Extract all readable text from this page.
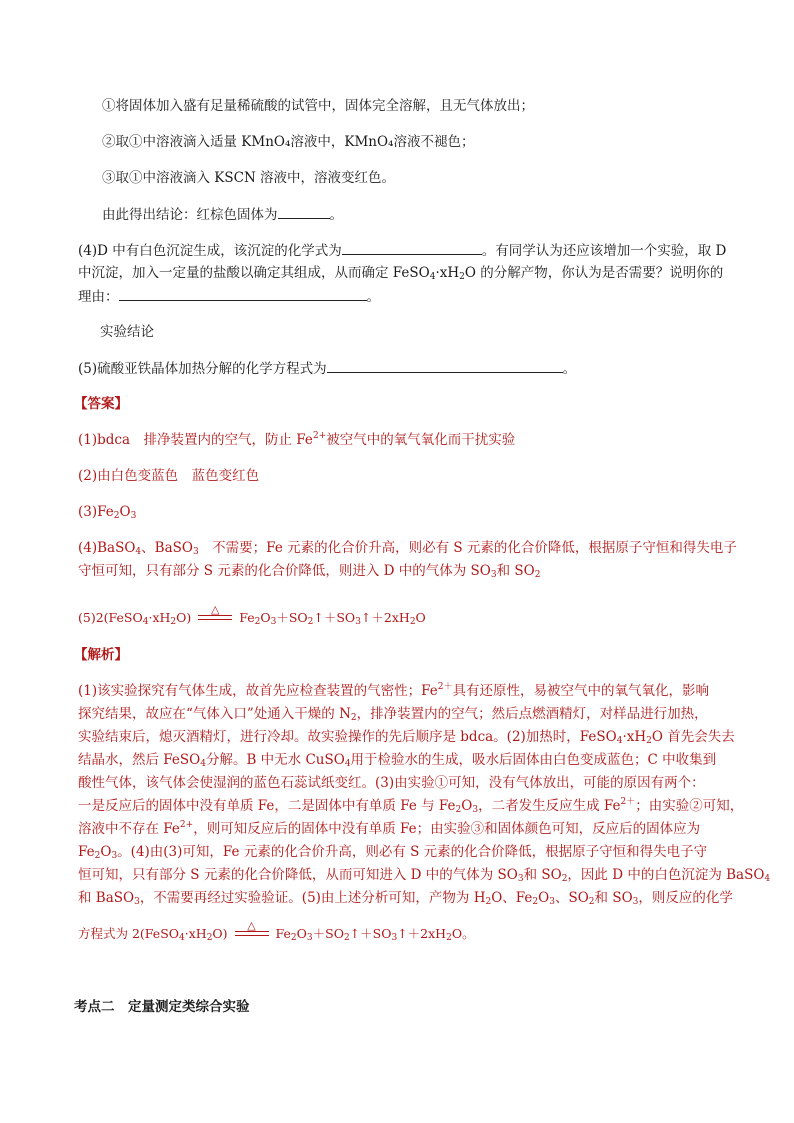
①将固体加入盛有足量稀硫酸的试管中，固体完全溶解，且无气体放出；
②取①中溶液滴入适量 KMnO₄溶液中，KMnO₄溶液不褪色；
③取①中溶液滴入 KSCN 溶液中，溶液变红色。
由此得出结论：红棕色固体为	。
(4)D 中有白色沉淀生成，该沉淀的化学式为	。有同学认为还应该增加一个实验，取 D
中沉淀，加入一定量的盐酸以确定其组成，从而确定 $FeSO_4\cdot xH_2O$ 的分解产物，你认为是否需要？说明你的
理由：	。
实验结论
(5)硫酸亚铁晶体加热分解的化学方程式为	。
【答案】
(1)bdca　排净装置内的空气，防止 $Fe^{2+}$被空气中的氧气氧化而干扰实验
(2)由白色变蓝色　蓝色变红色
$(3)Fe_2O_3$
(4)BaSO$_4$、BaSO$_3$　不需要；Fe 元素的化合价升高，则必有 S 元素的化合价降低，根据原子守恒和得失电子
守恒可知，只有部分 S 元素的化合价降低，则进入 D 中的气体为 $SO_3$和 $SO_2$
$(5)2(FeSO_4\cdot xH_2O)$
△
$Fe_2O_3+SO_2↑+SO_3↑+2xH_2O$
【解析】
(1)该实验探究有气体生成，故首先应检查装置的气密性；$Fe^{2+}$具有还原性，易被空气中的氧气氧化，影响
探究结果，故应在“气体入口”处通入干燥的 $N_2$，排净装置内的空气；然后点燃酒精灯，对样品进行加热，
实验结束后，熄灭酒精灯，进行冷却。故实验操作的先后顺序是 bdca。(2)加热时，$FeSO_4\cdot xH_2O$ 首先会失去
结晶水，然后 FeSO$_4$分解。B 中无水 CuSO$_4$用于检验水的生成，吸水后固体由白色变成蓝色；C 中收集到
酸性气体，该气体会使湿润的蓝色石蕊试纸变红。(3)由实验①可知，没有气体放出，可能的原因有两个：
一是反应后的固体中没有单质 Fe，二是固体中有单质 Fe 与 $Fe_2O_3$，二者发生反应生成 $Fe^{2+}$；由实验②可知，
溶液中不存在 $Fe^{2+}$，则可知反应后的固体中没有单质 Fe；由实验③和固体颜色可知，反应后的固体应为
$Fe_2O_3$。(4)由(3)可知，Fe 元素的化合价升高，则必有 S 元素的化合价降低，根据原子守恒和得失电子守
恒可知，只有部分 S 元素的化合价降低，从而可知进入 D 中的气体为 $SO_3$和 $SO_2$，因此 D 中的白色沉淀为 BaSO$_4$
和 BaSO$_3$，不需要再经过实验验证。(5)由上述分析可知，产物为 $H_2O$、$Fe_2O_3$、$SO_2$和 $SO_3$，则反应的化学
方程式为 $2(FeSO_4\cdot xH_2O)$
△
$Fe_2O_3+SO_2↑+SO_3↑+2xH_2O$。
考点二　定量测定类综合实验
